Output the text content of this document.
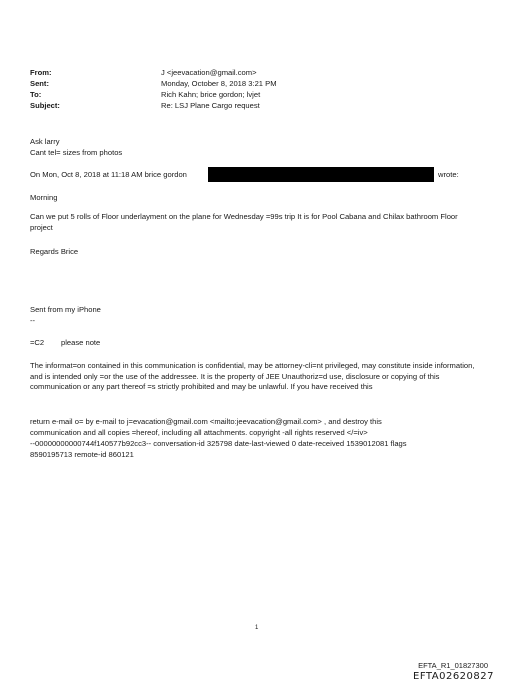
From:	J <jeevacation@gmail.com>
Sent:	Monday, October 8, 2018 3:21 PM
To:	Rich Kahn; brice gordon; lvjet
Subject:	Re: LSJ Plane Cargo request
Ask larry
Cant tel= sizes from photos
On Mon, Oct 8, 2018 at 11:18 AM brice gordon	wrote:
Morning
Can we put 5 rolls of Floor underlayment on the plane for Wednesday =99s trip It is for Pool Cabana and Chilax bathroom Floor project
Regards Brice
Sent from my iPhone
--
=C2 please note
The informat=on contained in this communication is confidential, may be attorney-cli=nt privileged, may constitute inside information, and is intended only =or the use of the addressee. It is the property of JEE Unauthoriz=d use, disclosure or copying of this communication or any part thereof =s strictly prohibited and may be unlawful. If you have received this
return e-mail o= by e-mail to j=evacation@gmail.com <mailto:jeevacation@gmail.com> , and destroy this
communication and all copies =hereof, including all attachments. copyright -all rights reserved </=iv>
--00000000000744f140577b92cc3-- conversation-id 325798 date-last-viewed 0 date-received 1539012081 flags
8590195713 remote-id 860121
1
EFTA_R1_01827300
EFTA02620827
